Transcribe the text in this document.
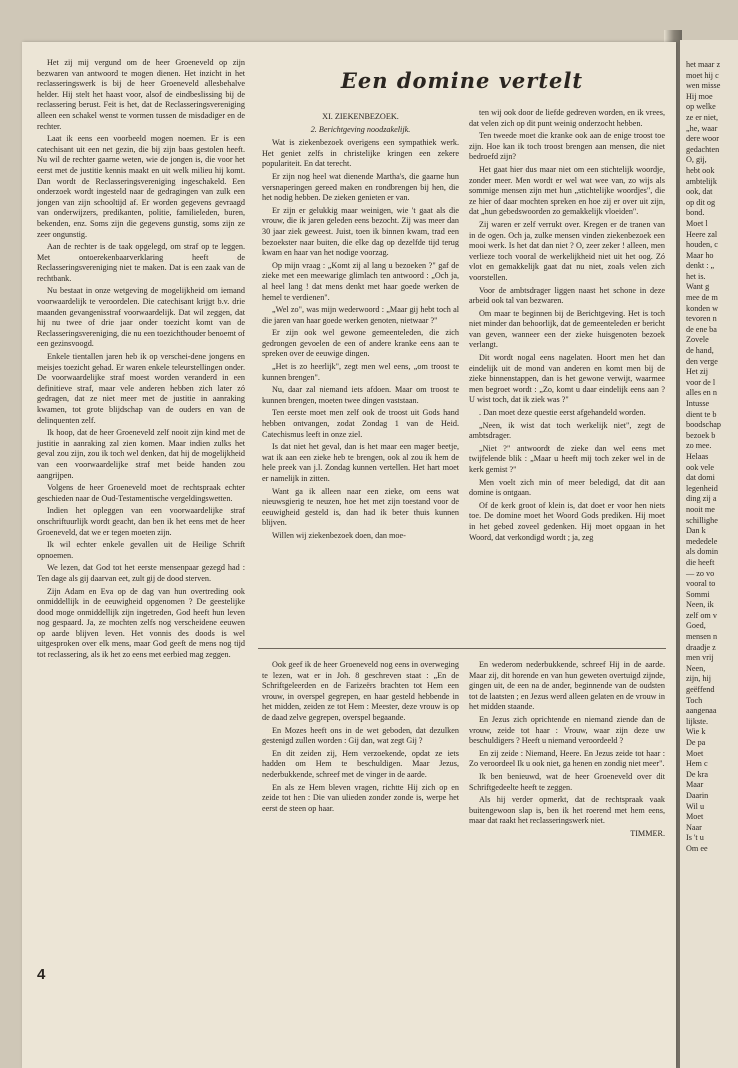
Een domine vertelt

Het zij mij vergund om de heer Groeneveld op zijn bezwaren van antwoord te mogen dienen. Het inzicht in het reclasseringswerk is bij de heer Groeneveld allesbehalve helder. Hij stelt het haast voor, alsof de eindbeslissing bij de reclassering berust. Feit is het, dat de Reclasseringsvereniging alleen een schakel wenst te vormen tussen de misdadiger en de rechter.

Laat ik eens een voorbeeld mogen noemen. Er is een catechisant uit een net gezin, die bij zijn baas gestolen heeft. Nu wil de rechter gaarne weten, wie de jongen is, die voor het eerst met de justitie kennis maakt en uit welk milieu hij komt. Dan wordt de Reclasseringsvereniging ingeschakeld. Een onderzoek wordt ingesteld naar de gedragingen van zulk een jongen van zijn schooltijd af. Er worden gegevens gevraagd van onderwijzers, predikanten, politie, familieleden, buren, bekenden, enz. Soms zijn die gegevens gunstig, soms zijn ze zeer ongunstig.

Aan de rechter is de taak opgelegd, om straf op te leggen. Met ontoerekenbaarverklaring heeft de Reclasseringsvereniging niet te maken. Dat is een zaak van de rechtbank.

Nu bestaat in onze wetgeving de mogelijkheid om iemand voorwaardelijk te veroordelen. Die catechisant krijgt b.v. drie maanden gevangenisstraf voorwaardelijk. Dat wil zeggen, dat hij nu twee of drie jaar onder toezicht komt van de Reclasseringsvereniging, die nu een toezichthouder benoemt of een gezinsvoogd.

Enkele tientallen jaren heb ik op verschei-dene jongens en meisjes toezicht gehad. Er waren enkele teleurstellingen onder. De voorwaardelijke straf moest worden veranderd in een definitieve straf, maar vele anderen hebben zich later zó gedragen, dat ze niet meer met de justitie in aanraking kwamen, tot grote blijdschap van de ouders en van de delinquenten zelf.

Ik hoop, dat de heer Groeneveld zelf nooit zijn kind met de justitie in aanraking zal zien komen. Maar indien zulks het geval zou zijn, zou ik toch wel denken, dat hij de mogelijkheid van een voorwaardelijke straf met beide handen zou aangrijpen.

Volgens de heer Groeneveld moet de rechtspraak echter geschieden naar de Oud-Testamentische vergeldingswetten.

Indien het opleggen van een voorwaardelijke straf onschriftuurlijk wordt geacht, dan ben ik het eens met de heer Groeneveld, dat we er tegen moeten zijn.

Ik wil echter enkele gevallen uit de Heilige Schrift opnoemen.

We lezen, dat God tot het eerste mensenpaar gezegd had : Ten dage als gij daarvan eet, zult gij de dood sterven.

Zijn Adam en Eva op de dag van hun overtreding ook onmiddellijk in de eeuwigheid opgenomen ? De geestelijke dood moge onmiddellijk zijn ingetreden, God heeft hun leven nog gespaard. Ja, ze mochten zelfs nog verscheidene eeuwen op aarde blijven leven. Het vonnis des doods is wel uitgesproken over elk mens, maar God geeft de mens nog tijd tot reclassering, als ik het zo eens met eerbied mag zeggen.

XI. ZIEKENBEZOEK.

2. Berichtgeving noodzakelijk.

Wat is ziekenbezoek overigens een sympathiek werk. Het geniet zelfs in christelijke kringen een zekere populariteit. En dat terecht.

Er zijn nog heel wat dienende Martha's, die gaarne hun versnaperingen gereed maken en rondbrengen bij hen, die het nodig hebben. De zieken genieten er van.

Er zijn er gelukkig maar weinigen, wie 't gaat als die vrouw, die ik jaren geleden eens bezocht. Zij was meer dan 30 jaar ziek geweest. Juist, toen ik binnen kwam, trad een bezoekster naar buiten, die elke dag op dezelfde tijd terug kwam en haar van het nodige voorzag.

Op mijn vraag : „Komt zij al lang u bezoeken ?" gaf de zieke met een meewarige glimlach ten antwoord : „Och ja, al heel lang ! dat mens denkt met haar goede werken de hemel te verdienen".

„Wel zo", was mijn wederwoord : „Maar gij hebt toch al die jaren van haar goede werken genoten, nietwaar ?"

Er zijn ook wel gewone gemeenteleden, die zich gedrongen gevoelen de een of andere kranke eens aan te spreken over de eeuwige dingen.

„Het is zo heerlijk", zegt men wel eens, „om troost te kunnen brengen".

Nu, daar zal niemand iets afdoen. Maar om troost te kunnen brengen, moeten twee dingen vaststaan.

Ten eerste moet men zelf ook de troost uit Gods hand hebben ontvangen, zodat Zondag 1 van de Heid. Catechismus leeft in onze ziel.

Is dat niet het geval, dan is het maar een mager beetje, wat ik aan een zieke heb te brengen, ook al zou ik hem de hele preek van j.l. Zondag kunnen vertellen. Het hart moet er namelijk in zitten.

Want ga ik alleen naar een zieke, om eens wat nieuwsgierig te neuzen, hoe het met zijn toestand voor de eeuwigheid gesteld is, dan had ik beter thuis kunnen blijven.

Willen wij ziekenbezoek doen, dan moe-

ten wij ook door de liefde gedreven worden, en ik vrees, dat velen zich op dit punt weinig onderzocht hebben.

Ten tweede moet die kranke ook aan de enige troost toe zijn. Hoe kan ik toch troost brengen aan mensen, die niet bedroefd zijn?

Het gaat hier dus maar niet om een stichtelijk woordje, zonder meer. Men wordt er wel wat wee van, zo wijs als sommige mensen zijn met hun „stichtelijke woordjes", die ze hier of daar mochten spreken en hoe zij er over uit zijn, dat „hun gebedswoorden zo gemakkelijk vloeiden".

Zij waren er zelf verrukt over. Kregen er de tranen van in de ogen. Och ja, zulke mensen vinden ziekenbezoek een mooi werk. Is het dat dan niet ? O, zeer zeker ! alleen, men verlieze toch vooral de werkelijkheid niet uit het oog. Zó vlot en gemakkelijk gaat dat nu niet, zoals velen zich voorstellen.

Voor de ambtsdrager liggen naast het schone in deze arbeid ook tal van bezwaren.

Om maar te beginnen bij de Berichtgeving. Het is toch niet minder dan behoorlijk, dat de gemeenteleden er bericht van geven, wanneer een der zieke huisgenoten bezoek verlangt.

Dit wordt nogal eens nagelaten. Hoort men het dan eindelijk uit de mond van anderen en komt men bij de zieke binnenstappen, dan is het gewone verwijt, waarmee men begroet wordt : „Zo, komt u daar eindelijk eens aan ? U wist toch, dat ik ziek was ?"

. Dan moet deze questie eerst afgehandeld worden.

„Neen, ik wist dat toch werkelijk niet", zegt de ambtsdrager.

„Niet ?" antwoordt de zieke dan wel eens met twijfelende blik : „Maar u heeft mij toch zeker wel in de kerk gemist ?"

Men voelt zich min of meer beledigd, dat dit aan domine is ontgaan.

Of de kerk groot of klein is, dat doet er voor hen niets toe. De domine moet het Woord Gods prediken. Hij moet in het gebed zoveel gedenken. Hij moet opgaan in het Woord, dat verkondigd wordt ; ja, zeg

Ook geef ik de heer Groeneveld nog eens in overweging te lezen, wat er in Joh. 8 geschreven staat : „En de Schriftgeleerden en de Farizeërs brachten tot Hem een vrouw, in overspel gegrepen, en haar gesteld hebbende in het midden, zeiden ze tot Hem : Meester, deze vrouw is op de daad zelve gegrepen, overspel begaande.

En Mozes heeft ons in de wet geboden, dat dezulken gestenigd zullen worden : Gij dan, wat zegt Gij ?

En dit zeiden zij, Hem verzoekende, opdat ze iets hadden om Hem te beschuldigen. Maar Jezus, nederbukkende, schreef met de vinger in de aarde.

En als ze Hem bleven vragen, richtte Hij zich op en zeide tot hen : Die van ulieden zonder zonde is, werpe het eerst de steen op haar.

En wederom nederbukkende, schreef Hij in de aarde. Maar zij, dit horende en van hun geweten overtuigd zijnde, gingen uit, de een na de ander, beginnende van de oudsten tot de laatsten ; en Jezus werd alleen gelaten en de vrouw in het midden staande.

En Jezus zich oprichtende en niemand ziende dan de vrouw, zeide tot haar : Vrouw, waar zijn deze uw beschuldigers ? Heeft u niemand veroordeeld ?

En zij zeide : Niemand, Heere. En Jezus zeide tot haar : Zo veroordeel Ik u ook niet, ga henen en zondig niet meer".

Ik ben benieuwd, wat de heer Groeneveld over dit Schriftgedeelte heeft te zeggen.

Als hij verder opmerkt, dat de rechtspraak vaak buitengewoon slap is, ben ik het roerend met hem eens, maar dat raakt het reclasseringswerk niet.

TIMMER.

4
het maar z
moet hij c
wen misse
Hij moe
op welke
ze er niet,
„he, waar
dere woor
gedachten
O, gij,
hebt ook
ambtelijk
ook, dat
op dit og
bond.
Moet l
Heere zal
houden, c
Maar ho
denkt : „
het is.
Want g
mee de m
konden w
tevoren n
de ene ba
Zovele
de hand,
den verge
Het zij
voor de l
alles en n
Intusse
dient te b
boodschap
bezoek b
zo mee.
Helaas
ook vele
dat domi
legenheid
ding zij a
nooit me
schillighe
Dan k
mededele
als domin
die heeft
— zo vo
vooral to
Sommi
Neen, ik
zelf om v
Goed,
mensen n
draadje z
men vrij
Neen,
zijn, hij
geëffend
Toch
aangenaa
lijkste.
Wie k
De pa
Moet
Hem c
De kra
Maar
Daarin
Wil u
Moet
Naar
Is 't u
Om ee
